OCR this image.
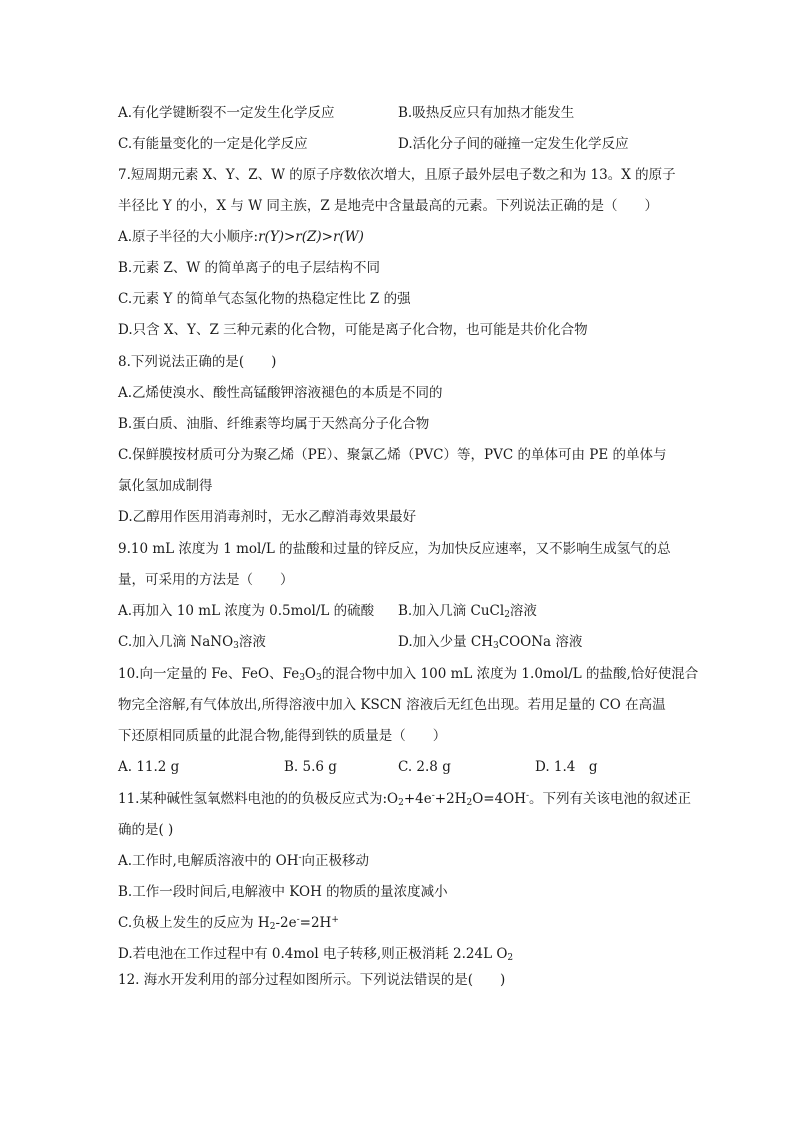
A.有化学键断裂不一定发生化学反应	B.吸热反应只有加热才能发生
C.有能量变化的一定是化学反应	D.活化分子间的碰撞一定发生化学反应
7.短周期元素 X、Y、Z、W 的原子序数依次增大，且原子最外层电子数之和为 13。X 的原子
半径比 Y 的小，X 与 W 同主族，Z 是地壳中含量最高的元素。下列说法正确的是（　　）
A.原子半径的大小顺序:r(Y)>r(Z)>r(W)
B.元素 Z、W 的简单离子的电子层结构不同
C.元素 Y 的简单气态氢化物的热稳定性比 Z 的强
D.只含 X、Y、Z 三种元素的化合物，可能是离子化合物，也可能是共价化合物
8.下列说法正确的是(　　)
A.乙烯使溴水、酸性高锰酸钾溶液褪色的本质是不同的
B.蛋白质、油脂、纤维素等均属于天然高分子化合物
C.保鲜膜按材质可分为聚乙烯（PE）、聚氯乙烯（PVC）等，PVC 的单体可由 PE 的单体与
氯化氢加成制得
D.乙醇用作医用消毒剂时，无水乙醇消毒效果最好
9.10 mL 浓度为 1 mol/L 的盐酸和过量的锌反应，为加快反应速率，又不影响生成氢气的总
量，可采用的方法是（　　）
A.再加入 10 mL 浓度为 0.5mol/L 的硫酸 B.加入几滴 CuCl$_2$溶液
C.加入几滴 NaNO$_3$溶液	D.加入少量 $CH_3COONa$ 溶液
10.向一定量的 Fe、FeO、$Fe_3O_3$的混合物中加入 100 mL 浓度为 1.0mol/L 的盐酸,恰好使混合
物完全溶解,有气体放出,所得溶液中加入 KSCN 溶液后无红色出现。若用足量的 CO 在高温
下还原相同质量的此混合物,能得到铁的质量是（　　）
A. 11.2 g	B. 5.6 g	C. 2.8 g	D. 1.4　g
11.某种碱性氢氧燃料电池的的负极反应式为$:O_2+4e^-+2H_2O=4OH^-$。下列有关该电池的叙述正
确的是( )
A.工作时,电解质溶液中的 OH-向正极移动
B.工作一段时间后,电解液中 KOH 的物质的量浓度减小
C.负极上发生的反应为 $H_2-2e^-=2H^+$
D.若电池在工作过程中有 0.4mol 电子转移,则正极消耗 2.24L $O_2$
12. 海水开发利用的部分过程如图所示。下列说法错误的是(　　)
